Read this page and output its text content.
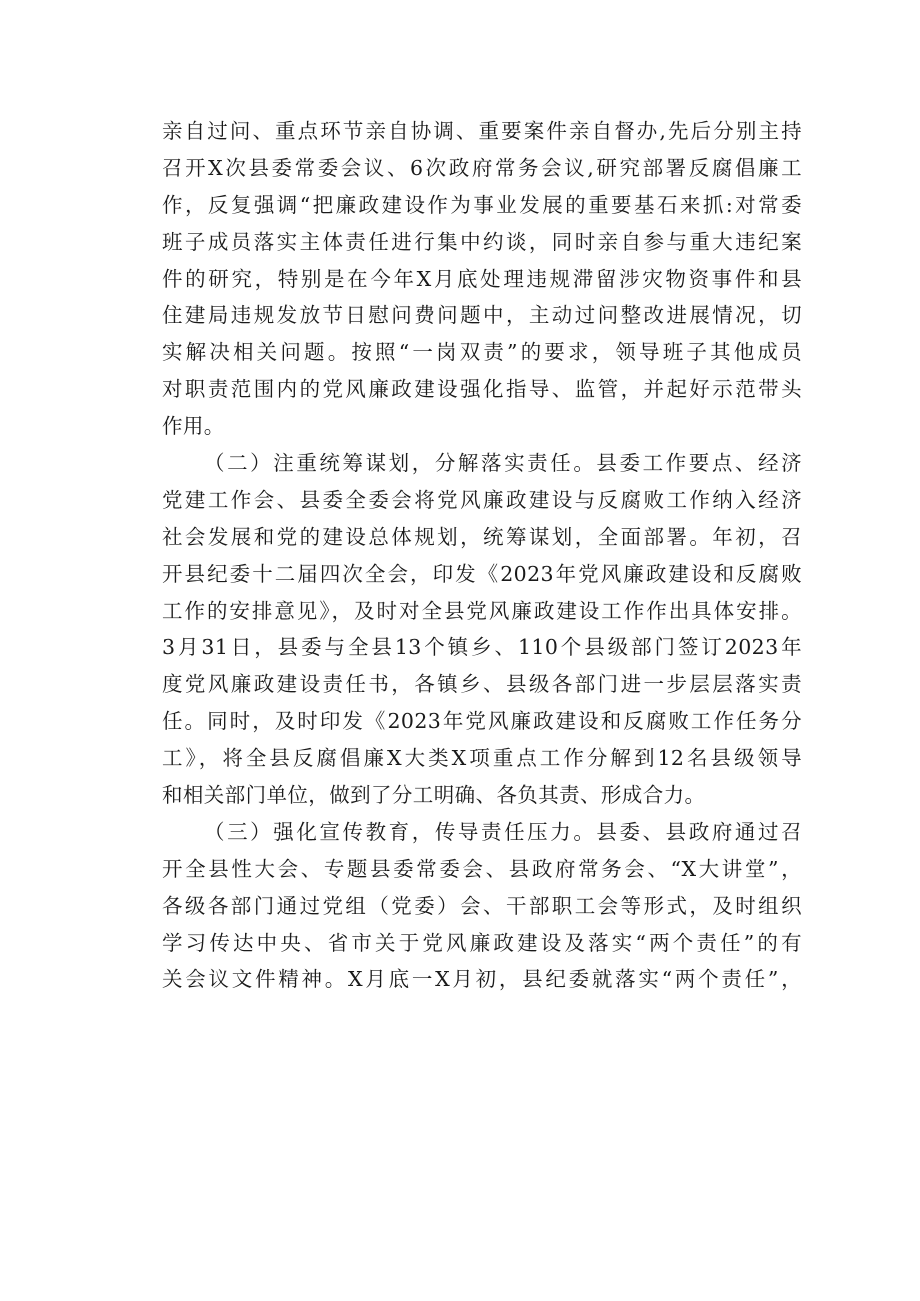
亲自过问、重点环节亲自协调、重要案件亲自督办,先后分别主持
召开X次县委常委会议、6次政府常务会议,研究部署反腐倡廉工
作，反复强调“把廉政建设作为事业发展的重要基石来抓:对常委
班子成员落实主体责任进行集中约谈，同时亲自参与重大违纪案
件的研究，特别是在今年X月底处理违规滞留涉灾物资事件和县
住建局违规发放节日慰问费问题中，主动过问整改进展情况，切
实解决相关问题。按照“一岗双责”的要求，领导班子其他成员
对职责范围内的党风廉政建设强化指导、监管，并起好示范带头
作用。
（二）注重统筹谋划，分解落实责任。县委工作要点、经济
党建工作会、县委全委会将党风廉政建设与反腐败工作纳入经济
社会发展和党的建设总体规划，统筹谋划，全面部署。年初，召
开县纪委十二届四次全会，印发《2023年党风廉政建设和反腐败
工作的安排意见》，及时对全县党风廉政建设工作作出具体安排。
3月31日，县委与全县13个镇乡、110个县级部门签订2023年
度党风廉政建设责任书，各镇乡、县级各部门进一步层层落实责
任。同时，及时印发《2023年党风廉政建设和反腐败工作任务分
工》，将全县反腐倡廉X大类X项重点工作分解到12名县级领导
和相关部门单位，做到了分工明确、各负其责、形成合力。
（三）强化宣传教育，传导责任压力。县委、县政府通过召
开全县性大会、专题县委常委会、县政府常务会、“X大讲堂”，
各级各部门通过党组（党委）会、干部职工会等形式，及时组织
学习传达中央、省市关于党风廉政建设及落实“两个责任”的有
关会议文件精神。X月底一X月初，县纪委就落实“两个责任”，
